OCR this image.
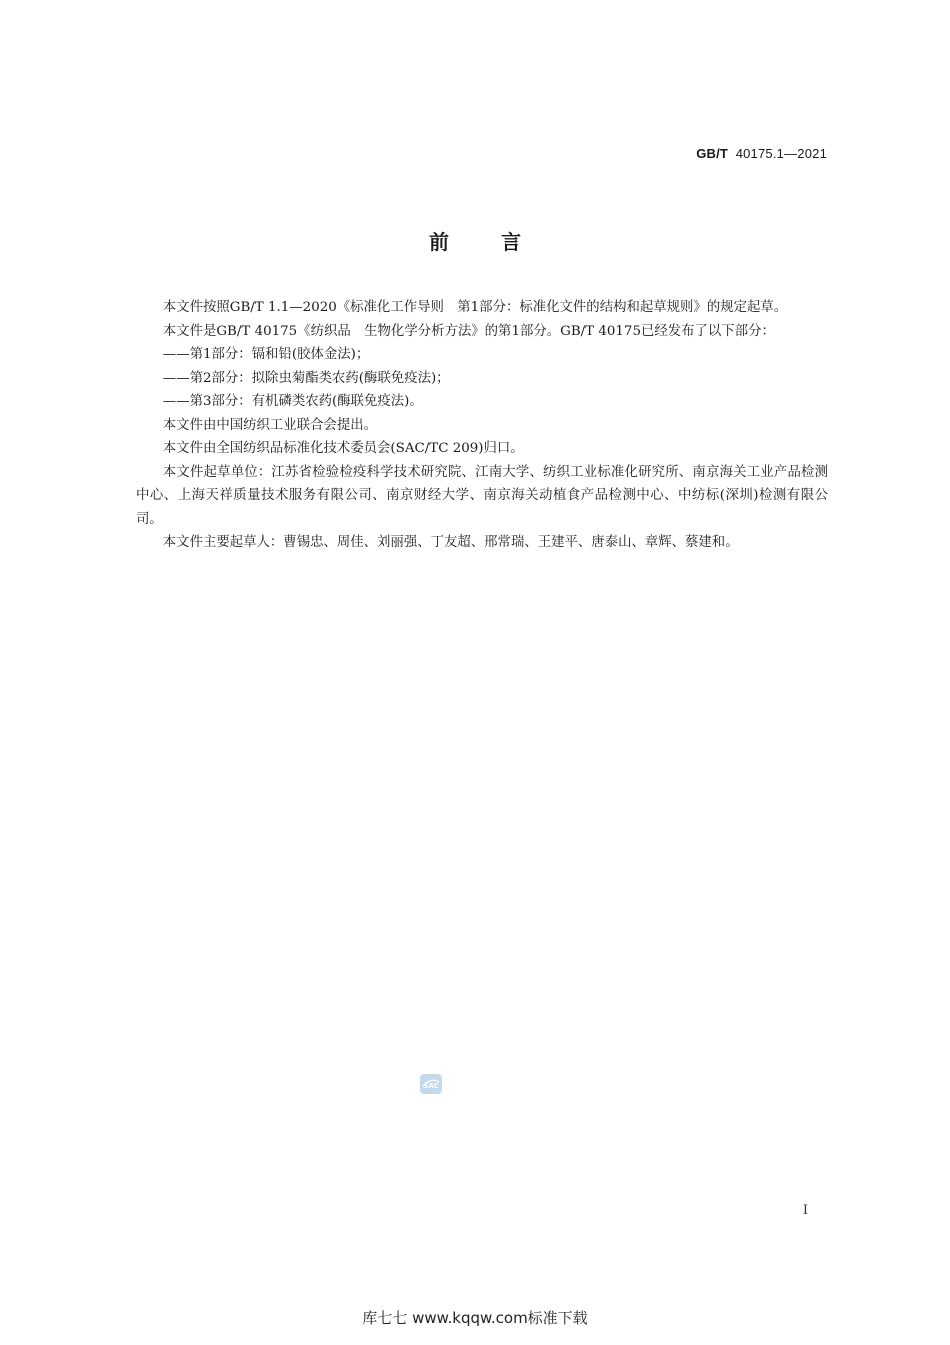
GB/T 40175.1—2021
前言

本文件按照GB/T 1.1—2020《标准化工作导则　第1部分：标准化文件的结构和起草规则》的规定起草。

本文件是GB/T 40175《纺织品　生物化学分析方法》的第1部分。GB/T 40175已经发布了以下部分：

——第1部分：镉和铅(胶体金法)；

——第2部分：拟除虫菊酯类农药(酶联免疫法)；

——第3部分：有机磷类农药(酶联免疫法)。

本文件由中国纺织工业联合会提出。

本文件由全国纺织品标准化技术委员会(SAC/TC 209)归口。

本文件起草单位：江苏省检验检疫科学技术研究院、江南大学、纺织工业标准化研究所、南京海关工业产品检测中心、上海天祥质量技术服务有限公司、南京财经大学、南京海关动植食产品检测中心、中纺标(深圳)检测有限公司。

本文件主要起草人：曹锡忠、周佳、刘丽强、丁友超、邢常瑞、王建平、唐泰山、章辉、蔡建和。

SAC
Ⅰ
库七七 www.kqqw.com标准下载
